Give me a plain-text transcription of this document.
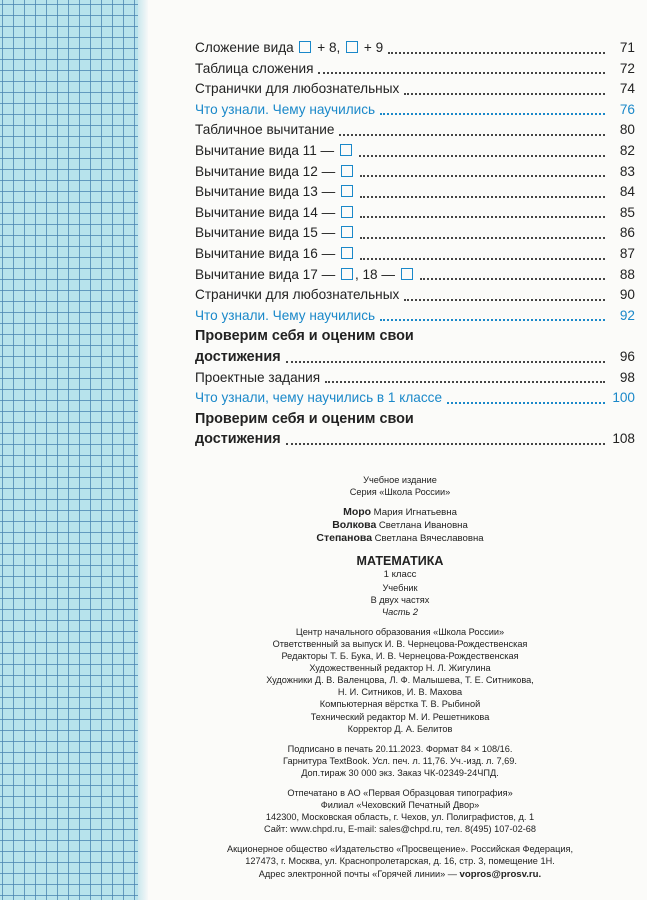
Сложение вида  + 8,  + 9	71
Таблица сложения	72
Странички для любознательных	74
Что узнали. Чему научились	76
Табличное вычитание	80
Вычитание вида 11 —	82
Вычитание вида 12 —	83
Вычитание вида 13 —	84
Вычитание вида 14 —	85
Вычитание вида 15 —	86
Вычитание вида 16 —	87
Вычитание вида 17 — , 18 —	88
Странички для любознательных	90
Что узнали. Чему научились	92
Проверим себя и оценим свои
достижения	96
Проектные задания	98
Что узнали, чему научились в 1 классе	100
Проверим себя и оценим свои
достижения	108
Учебное издание
Серия «Школа России»
Моро Мария Игнатьевна
Волкова Светлана Ивановна
Степанова Светлана Вячеславовна
МАТЕМАТИКА
1 класс
Учебник
В двух частях
Часть 2
Центр начального образования «Школа России»
Ответственный за выпуск И. В. Чернецова-Рождественская
Редакторы Т. Б. Бука, И. В. Чернецова-Рождественская
Художественный редактор Н. Л. Жигулина
Художники Д. В. Валенцова, Л. Ф. Малышева, Т. Е. Ситникова,
Н. И. Ситников, И. В. Махова
Компьютерная вёрстка Т. В. Рыбиной
Технический редактор М. И. Решетникова
Корректор Д. А. Белитов
Подписано в печать 20.11.2023. Формат 84 × 108/16.
Гарнитура TextBook. Усл. печ. л. 11,76. Уч.-изд. л. 7,69.
Доп.тираж 30 000 экз. Заказ ЧК-02349-24ЧПД.
Отпечатано в АО «Первая Образцовая типография»
Филиал «Чеховский Печатный Двор»
142300, Московская область, г. Чехов, ул. Полиграфистов, д. 1
Сайт: www.chpd.ru, E-mail: sales@chpd.ru, тел. 8(495) 107-02-68
Акционерное общество «Издательство «Просвещение». Российская Федерация,
127473, г. Москва, ул. Краснопролетарская, д. 16, стр. 3, помещение 1Н.
Адрес электронной почты «Горячей линии» — vopros@prosv.ru.
